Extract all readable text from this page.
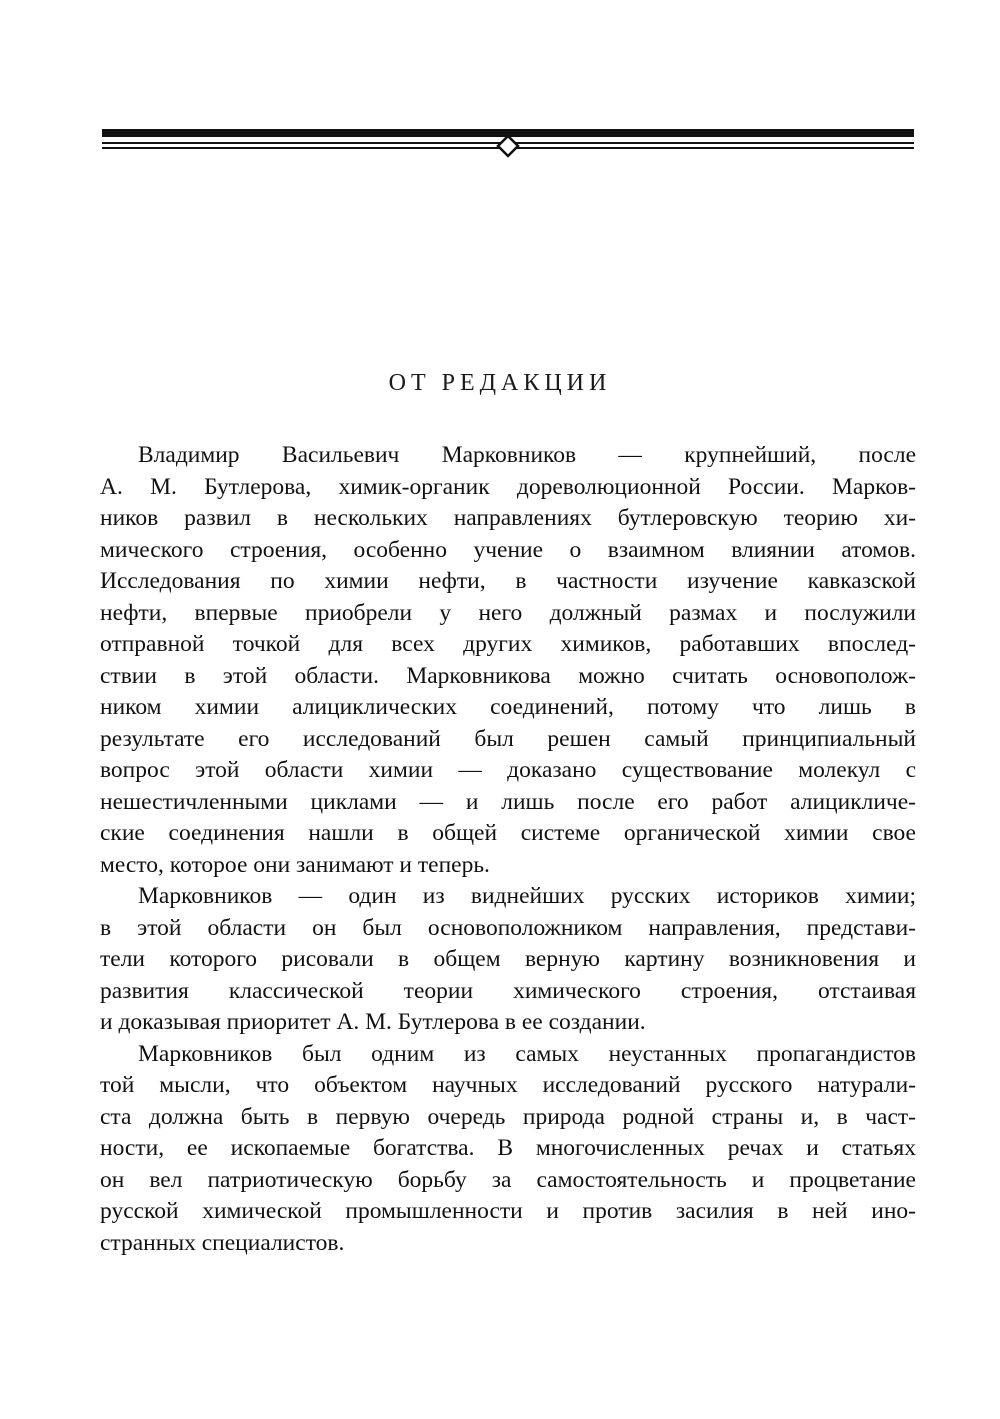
ОТ РЕДАКЦИИ
Владимир Васильевич Марковников — крупнейший, после
А. М. Бутлерова, химик-органик дореволюционной России. Марков-
ников развил в нескольких направлениях бутлеровскую теорию хи-
мического строения, особенно учение о взаимном влиянии атомов.
Исследования по химии нефти, в частности изучение кавказской
нефти, впервые приобрели у него должный размах и послужили
отправной точкой для всех других химиков, работавших впослед-
ствии в этой области. Марковникова можно считать основополож-
ником химии алициклических соединений, потому что лишь в
результате его исследований был решен самый принципиальный
вопрос этой области химии — доказано существование молекул с
нешестичленными циклами — и лишь после его работ алицикличе-
ские соединения нашли в общей системе органической химии свое
место, которое они занимают и теперь.
Марковников — один из виднейших русских историков химии;
в этой области он был основоположником направления, представи-
тели которого рисовали в общем верную картину возникновения и
развития классической теории химического строения, отстаивая
и доказывая приоритет А. М. Бутлерова в ее создании.
Марковников был одним из самых неустанных пропагандистов
той мысли, что объектом научных исследований русского натурали-
ста должна быть в первую очередь природа родной страны и, в част-
ности, ее ископаемые богатства. В многочисленных речах и статьях
он вел патриотическую борьбу за самостоятельность и процветание
русской химической промышленности и против засилия в ней ино-
странных специалистов.
